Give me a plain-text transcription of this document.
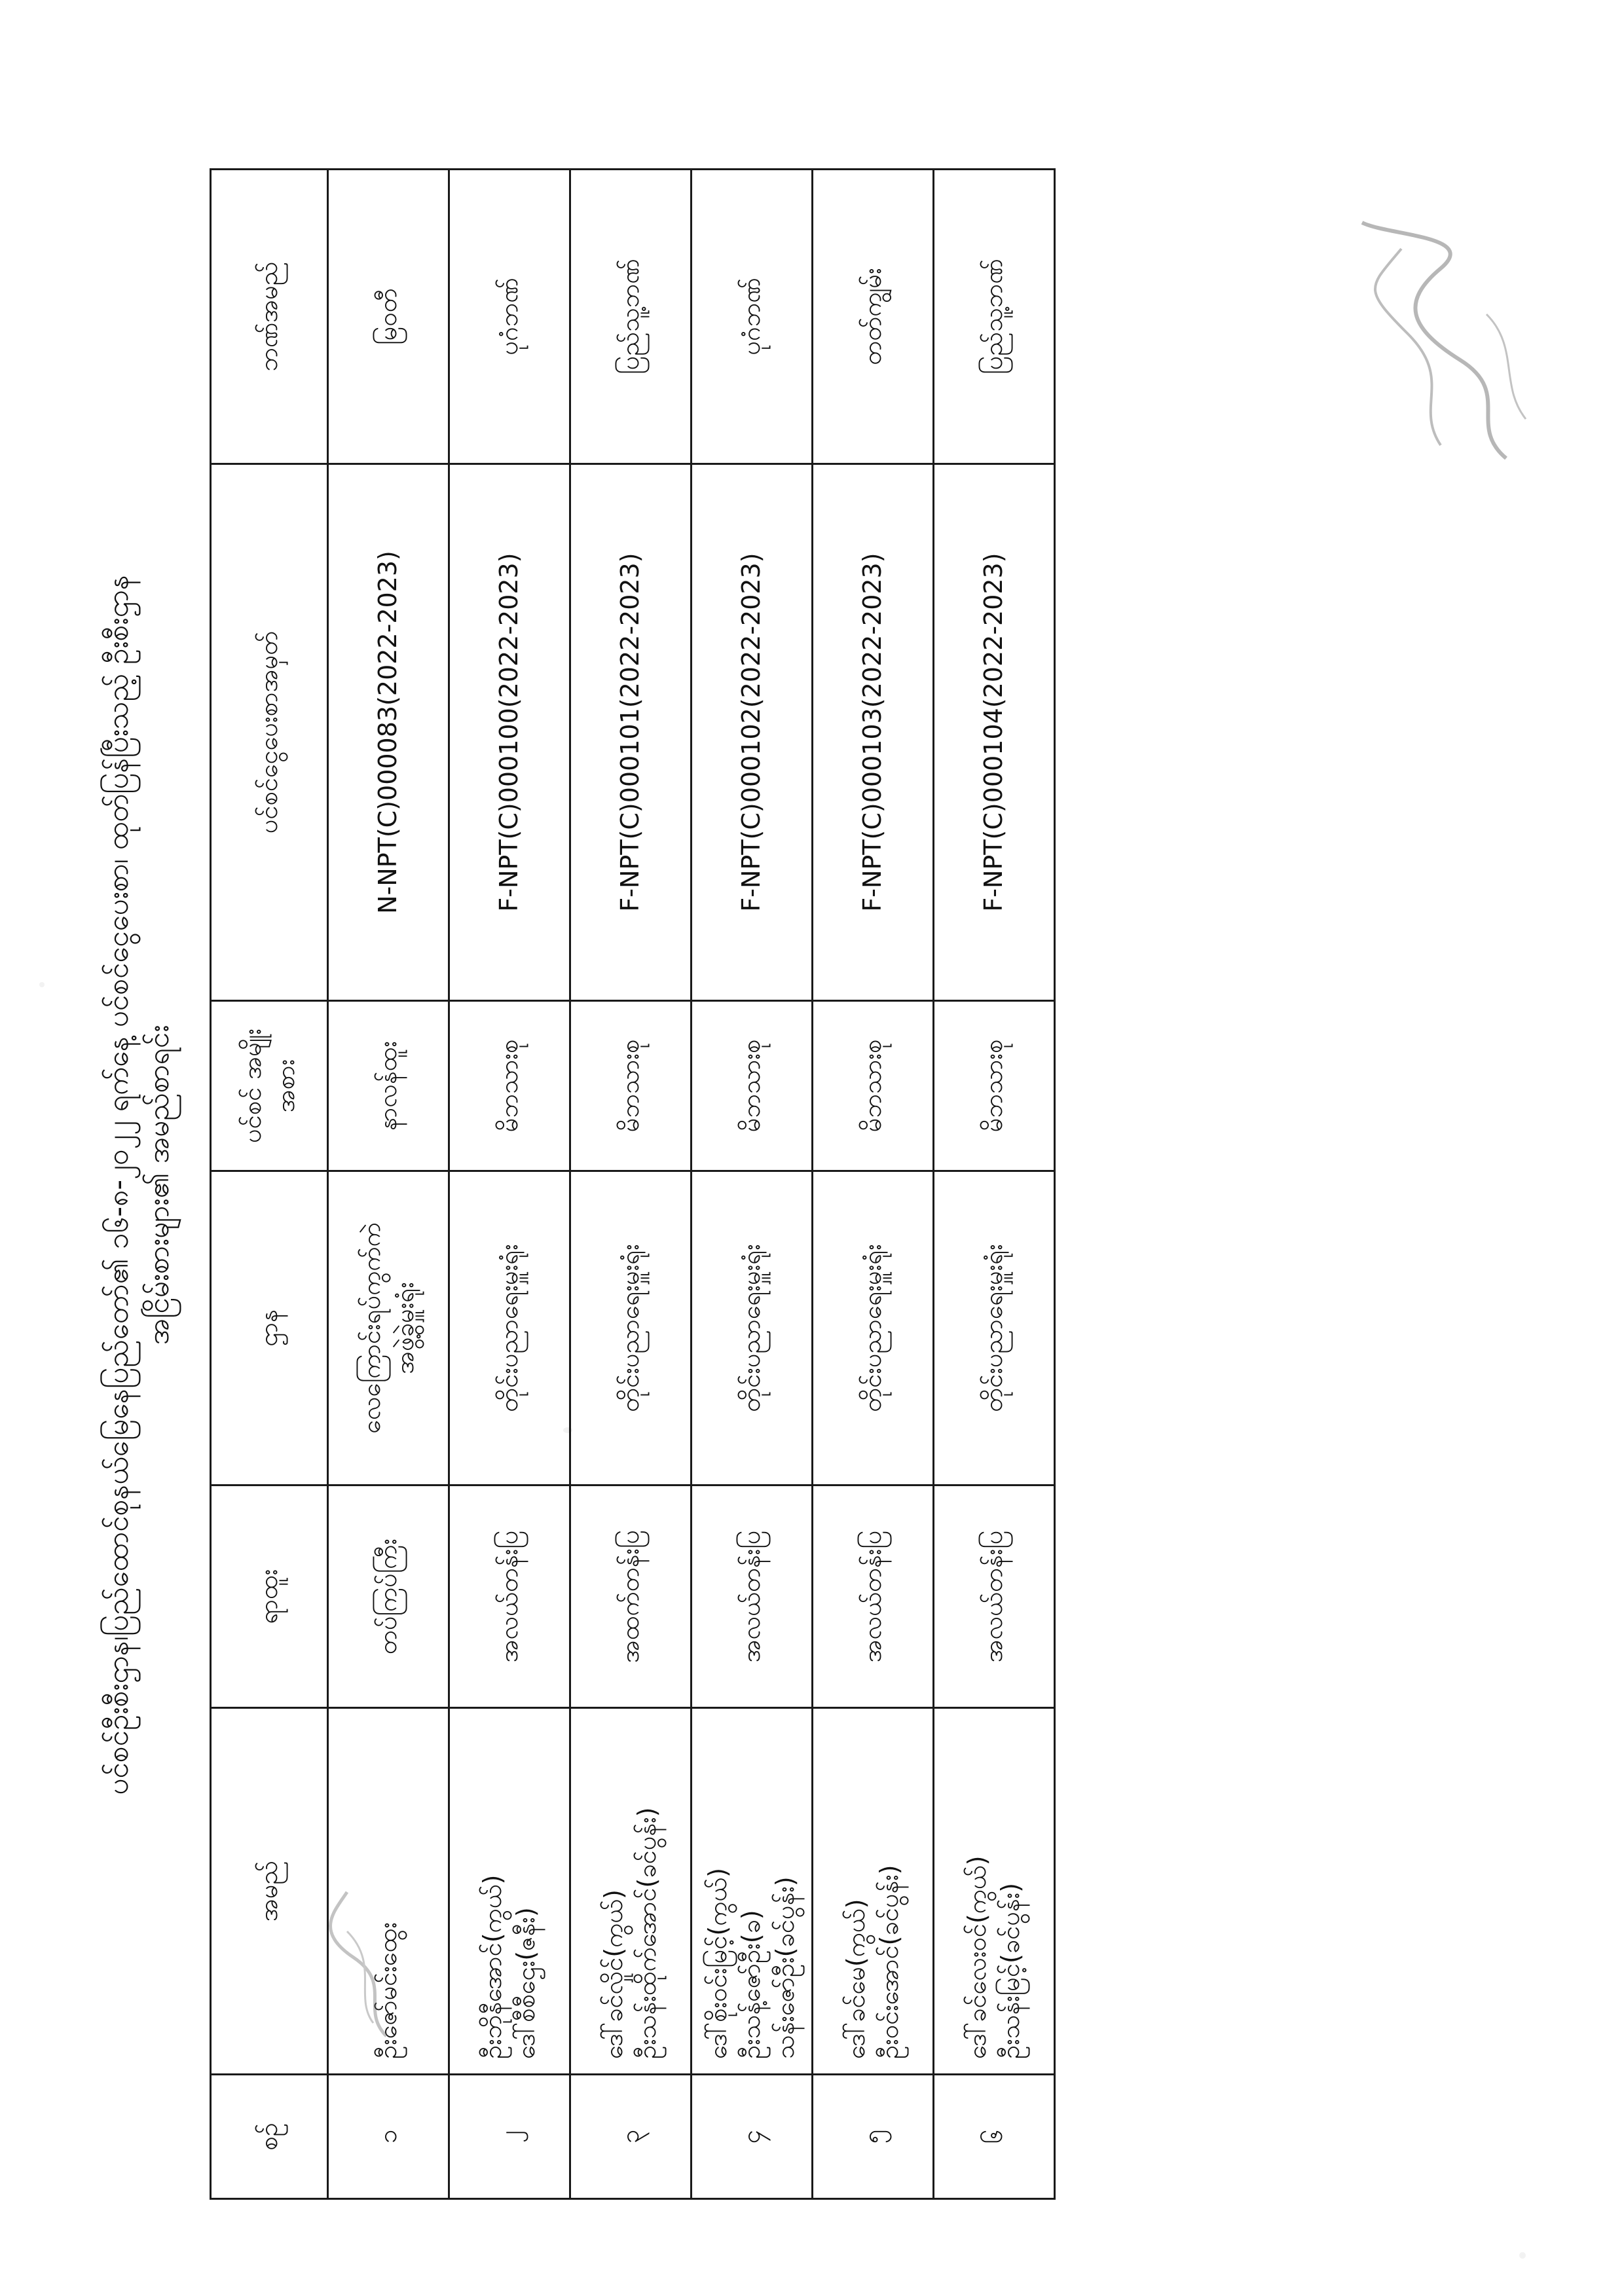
ပင်စင်ဦးစီးဌာန၊ပြည်ထောင်စုနယ်မြေနေပြည်တော်၏ ၁၆-၈-၂၀၂၂ ရက်နေ့ ပင်စင်ငွေပေးစာ၊ ထုတ်ပြန်ပြီးသည့် ဦးစီးဌာန အငြိမ်းစားများ၏ အမည်စာရင်း
စဉ်	အမည်	ရာထူး	ဌာန	ပင်စင် အမျိုးအစား	ပင်စင်ငွေပေးစာအမှတ်	ဘဏ်အမည်
၁	ဦးဇော်မင်းထွေး	တပ်ကြပ်ကြီး	လေကြောင်းရပ်ကွက်ကဲ အဖွဲ့ခွဲမှူးရုံး	နာလန်ထူး	N-NPT(C)000083(2022-2023)	မြဝတီ
၂	ဦးဘိုနီအောင်(ကွယ်) ဒေါ်စီစီဌေး(ဇနီး)	အလယ်တန်းပြ	တိုင်းပညာရေးမှူးရုံး	မိဘသားစု	F-NPT(C)000100(2022-2023)	ပုဂံဘဏ်
၃	ဒေါ်ခင်လှိုင်(ကွယ်) ဦးသန်းထိုက်အောင်(ခင်ပွန်း)	အထက်တန်းပြ	တိုင်းပညာရေးမှူးရုံး	မိဘသားစု	F-NPT(C)000101(2022-2023)	ပြည်သူ့ဘဏ်
၄	ဒေါ်စိုးဝင်းမြင့်(ကွယ်) ဦးသန့်ဇော်ဦး(ခ) သန်းဇော်ဦး(ခင်ပွန်း)	အလယ်တန်းပြ	တိုင်းပညာရေးမှူးရုံး	မိဘသားစု	F-NPT(C)000102(2022-2023)	ပုဂံဘဏ်
၅	ဒေါ်ခင်မေ(ကွယ်) ဦးဝင်းအောင်(ခင်ပွန်း)	အလယ်တန်းပြ	တိုင်းပညာရေးမှူးရုံး	မိဘသားစု	F-NPT(C)000103(2022-2023)	တတ်ကျွမ်း
၆	ဒေါ်ခင်လေးဝင်(ကွယ်) ဦးသန်းမြင့်(ခင်ပွန်း)	အလယ်တန်းပြ	တိုင်းပညာရေးမှူးရုံး	မိဘသားစု	F-NPT(C)000104(2022-2023)	ပြည်သူ့ဘဏ်
